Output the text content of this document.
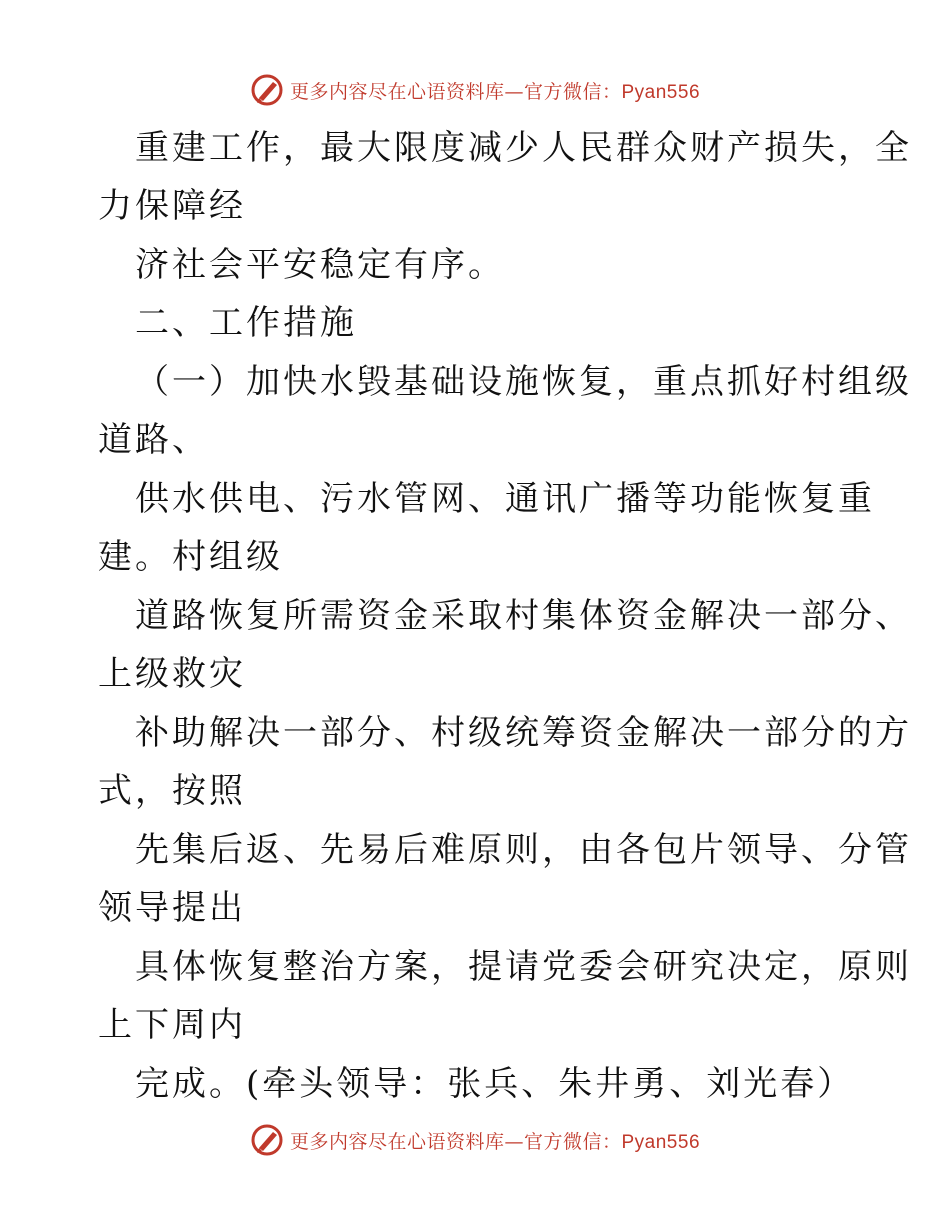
更多内容尽在心语资料库—官方微信：Pyan556
重建工作，最大限度减少人民群众财产损失，全
力保障经
济社会平安稳定有序。
二、工作措施
（一）加快水毁基础设施恢复，重点抓好村组级
道路、
供水供电、污水管网、通讯广播等功能恢复重
建。村组级
道路恢复所需资金采取村集体资金解决一部分、
上级救灾
补助解决一部分、村级统筹资金解决一部分的方
式，按照
先集后返、先易后难原则，由各包片领导、分管
领导提出
具体恢复整治方案，提请党委会研究决定，原则
上下周内
完成。(牵头领导：张兵、朱井勇、刘光春）
更多内容尽在心语资料库—官方微信：Pyan556
